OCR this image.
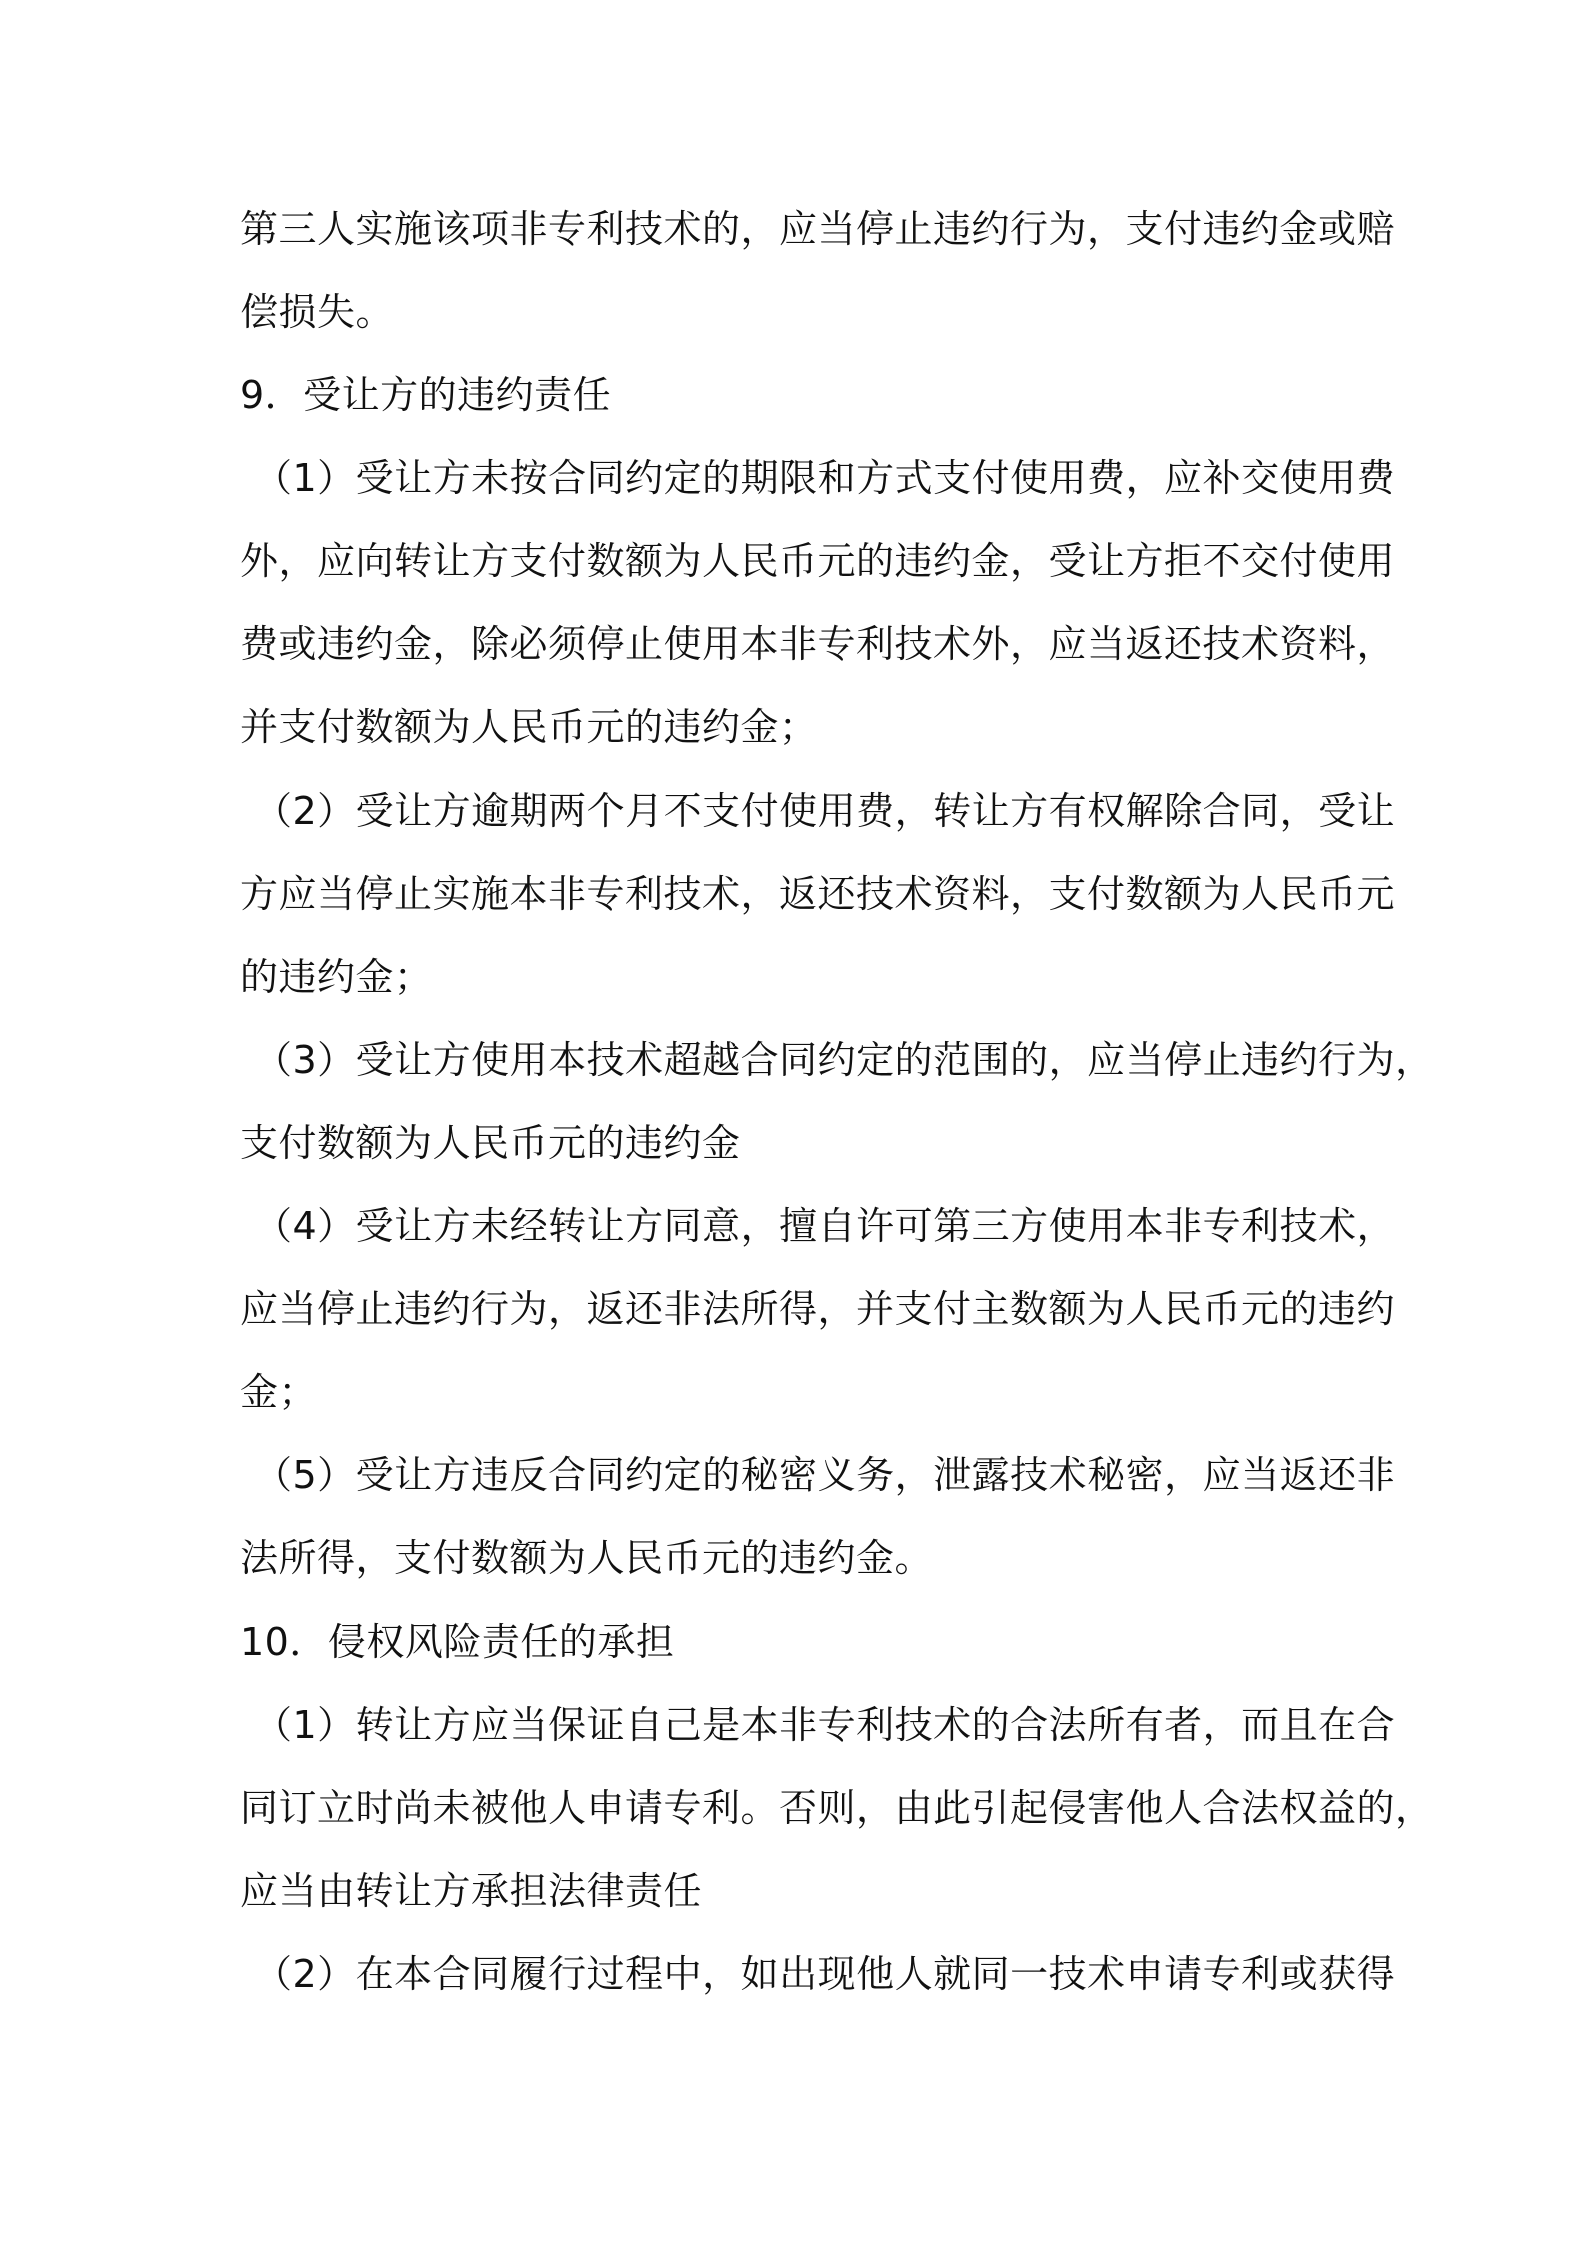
第三人实施该项非专利技术的，应当停止违约行为，支付违约金或赔
偿损失。
9．受让方的违约责任
（1）受让方未按合同约定的期限和方式支付使用费，应补交使用费
外，应向转让方支付数额为人民币元的违约金，受让方拒不交付使用
费或违约金，除必须停止使用本非专利技术外，应当返还技术资料，
并支付数额为人民币元的违约金；
（2）受让方逾期两个月不支付使用费，转让方有权解除合同，受让
方应当停止实施本非专利技术，返还技术资料，支付数额为人民币元
的违约金；
（3）受让方使用本技术超越合同约定的范围的，应当停止违约行为，
支付数额为人民币元的违约金
（4）受让方未经转让方同意，擅自许可第三方使用本非专利技术，
应当停止违约行为，返还非法所得，并支付主数额为人民币元的违约
金；
（5）受让方违反合同约定的秘密义务，泄露技术秘密，应当返还非
法所得，支付数额为人民币元的违约金。
10．侵权风险责任的承担
（1）转让方应当保证自己是本非专利技术的合法所有者，而且在合
同订立时尚未被他人申请专利。否则，由此引起侵害他人合法权益的，
应当由转让方承担法律责任
（2）在本合同履行过程中，如出现他人就同一技术申请专利或获得
